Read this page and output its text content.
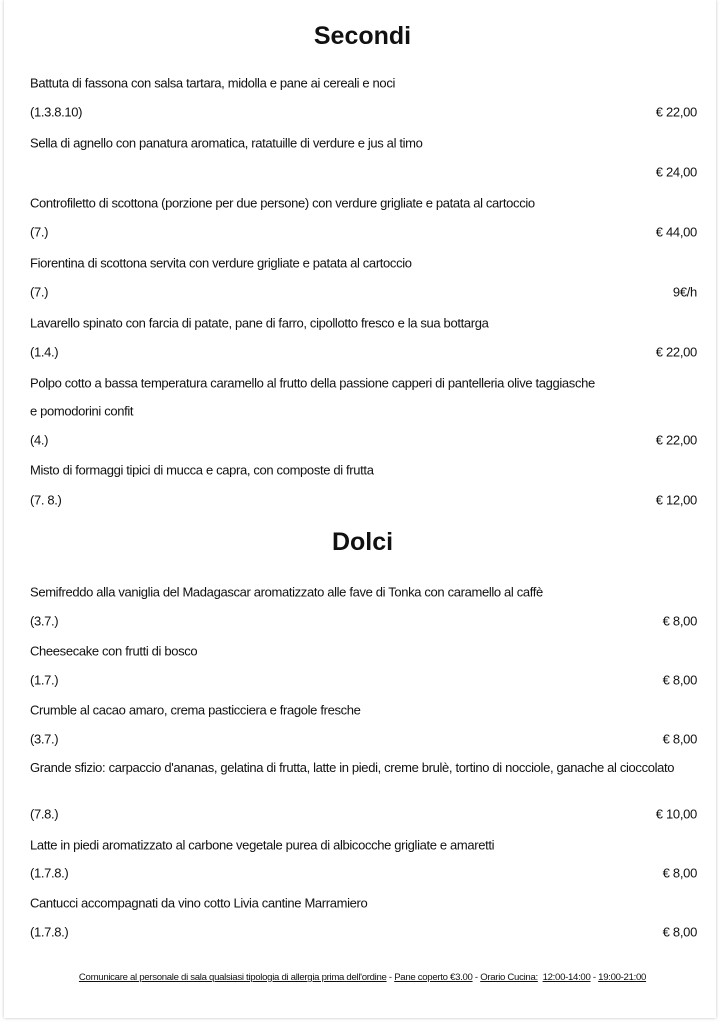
Secondi
Battuta di fassona con salsa tartara, midolla e pane ai cereali e noci
(1.3.8.10)	€ 22,00
Sella di agnello con panatura aromatica, ratatuille di verdure e jus al timo
€ 24,00
Controfiletto di scottona (porzione per due persone) con verdure grigliate e patata al cartoccio
(7.)	€ 44,00
Fiorentina di scottona servita con verdure grigliate e patata al cartoccio
(7.)	9€/h
Lavarello spinato con farcia di patate, pane di farro, cipollotto fresco e la sua bottarga
(1.4.)	€ 22,00
Polpo cotto a bassa temperatura caramello al frutto della passione capperi di pantelleria olive taggiasche
e pomodorini confit
(4.)	€ 22,00
Misto di formaggi tipici di mucca e capra, con composte di frutta
(7. 8.)	€ 12,00
Dolci
Semifreddo alla vaniglia del Madagascar aromatizzato alle fave di Tonka con caramello al caffè
(3.7.)	€ 8,00
Cheesecake con frutti di bosco
(1.7.)	€ 8,00
Crumble al cacao amaro, crema pasticciera e fragole fresche
(3.7.)	€ 8,00
Grande sfizio: carpaccio d'ananas, gelatina di frutta, latte in piedi, creme brulè, tortino di nocciole, ganache al cioccolato
(7.8.)	€ 10,00
Latte in piedi aromatizzato al carbone vegetale purea di albicocche grigliate e amaretti
(1.7.8.)	€ 8,00
Cantucci accompagnati da vino cotto Livia cantine Marramiero
(1.7.8.)	€ 8,00
Comunicare al personale di sala qualsiasi tipologia di allergia prima dell'ordine - Pane coperto €3.00 - Orario Cucina: 12:00-14:00 - 19:00-21:00
